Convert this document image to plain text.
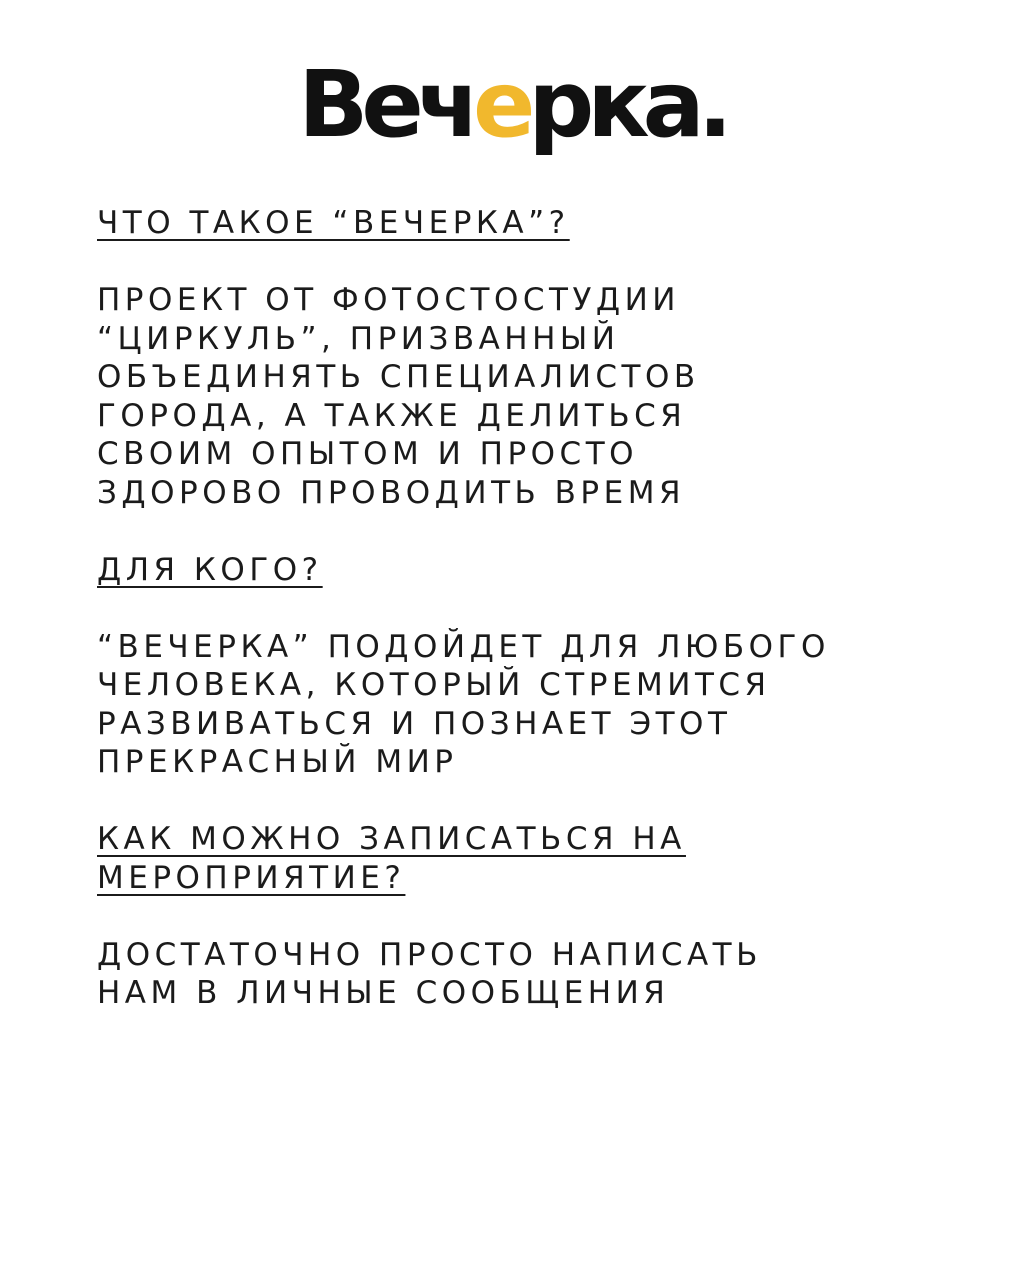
Вечерка.
ЧТО ТАКОЕ “ВЕЧЕРКА”?
ПРОЕКТ ОТ ФОТОСТОСТУДИИ
“ЦИРКУЛЬ”, ПРИЗВАННЫЙ
ОБЪЕДИНЯТЬ СПЕЦИАЛИСТОВ
ГОРОДА, А ТАКЖЕ ДЕЛИТЬСЯ
СВОИМ ОПЫТОМ И ПРОСТО
ЗДОРОВО ПРОВОДИТЬ ВРЕМЯ
ДЛЯ КОГО?
“ВЕЧЕРКА” ПОДОЙДЕТ ДЛЯ ЛЮБОГО
ЧЕЛОВЕКА, КОТОРЫЙ СТРЕМИТСЯ
РАЗВИВАТЬСЯ И ПОЗНАЕТ ЭТОТ
ПРЕКРАСНЫЙ МИР
КАК МОЖНО ЗАПИСАТЬСЯ НА
МЕРОПРИЯТИЕ?
ДОСТАТОЧНО ПРОСТО НАПИСАТЬ
НАМ В ЛИЧНЫЕ СООБЩЕНИЯ
